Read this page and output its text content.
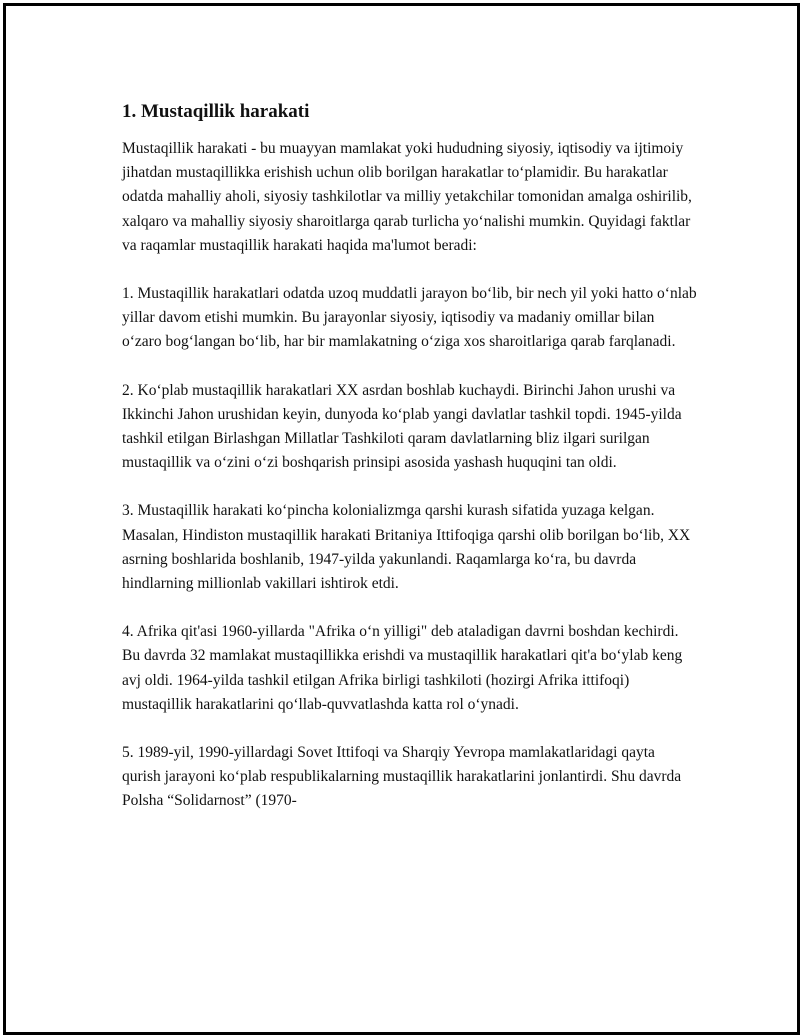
1. Mustaqillik harakati

Mustaqillik harakati - bu muayyan mamlakat yoki hududning siyosiy, iqtisodiy va ijtimoiy jihatdan mustaqillikka erishish uchun olib borilgan harakatlar to‘plamidir. Bu harakatlar odatda mahalliy aholi, siyosiy tashkilotlar va milliy yetakchilar tomonidan amalga oshirilib, xalqaro va mahalliy siyosiy sharoitlarga qarab turlicha yo‘nalishi mumkin. Quyidagi faktlar va raqamlar mustaqillik harakati haqida ma'lumot beradi:

1. Mustaqillik harakatlari odatda uzoq muddatli jarayon bo‘lib, bir nech yil yoki hatto o‘nlab yillar davom etishi mumkin. Bu jarayonlar siyosiy, iqtisodiy va madaniy omillar bilan o‘zaro bog‘langan bo‘lib, har bir mamlakatning o‘ziga xos sharoitlariga qarab farqlanadi.

2. Ko‘plab mustaqillik harakatlari XX asrdan boshlab kuchaydi. Birinchi Jahon urushi va Ikkinchi Jahon urushidan keyin, dunyoda ko‘plab yangi davlatlar tashkil topdi. 1945-yilda tashkil etilgan Birlashgan Millatlar Tashkiloti qaram davlatlarning bliz ilgari surilgan mustaqillik va o‘zini o‘zi boshqarish prinsipi asosida yashash huquqini tan oldi.

3. Mustaqillik harakati ko‘pincha kolonializmga qarshi kurash sifatida yuzaga kelgan. Masalan, Hindiston mustaqillik harakati Britaniya Ittifoqiga qarshi olib borilgan bo‘lib, XX asrning boshlarida boshlanib, 1947-yilda yakunlandi. Raqamlarga ko‘ra, bu davrda hindlarning millionlab vakillari ishtirok etdi.

4. Afrika qit'asi 1960-yillarda "Afrika o‘n yilligi" deb ataladigan davrni boshdan kechirdi. Bu davrda 32 mamlakat mustaqillikka erishdi va mustaqillik harakatlari qit'a bo‘ylab keng avj oldi. 1964-yilda tashkil etilgan Afrika birligi tashkiloti (hozirgi Afrika ittifoqi) mustaqillik harakatlarini qo‘llab-quvvatlashda katta rol o‘ynadi.

5. 1989-yil, 1990-yillardagi Sovet Ittifoqi va Sharqiy Yevropa mamlakatlaridagi qayta qurish jarayoni ko‘plab respublikalarning mustaqillik harakatlarini jonlantirdi. Shu davrda Polsha “Solidarnost” (1970-
